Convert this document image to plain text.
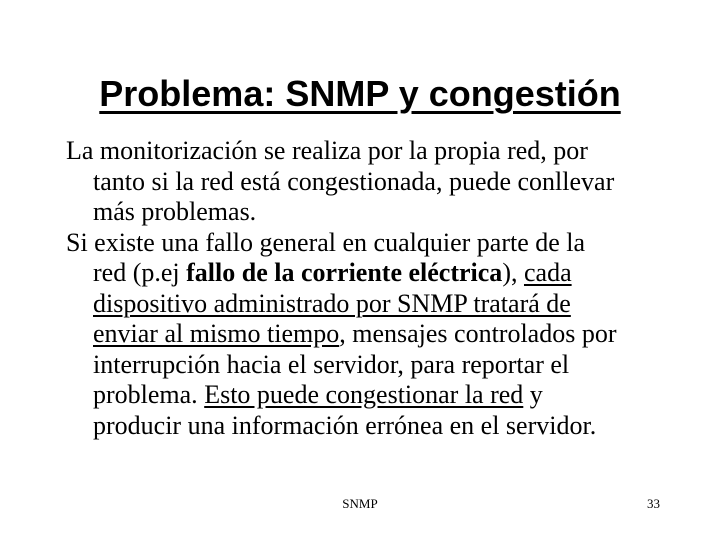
Problema: SNMP y congestión

La monitorización se realiza por la propia red, por
tanto si la red está congestionada, puede conllevar
más problemas.

Si existe una fallo general en cualquier parte de la
red (p.ej fallo de la corriente eléctrica), cada
dispositivo administrado por SNMP tratará de
enviar al mismo tiempo, mensajes controlados por
interrupción hacia el servidor, para reportar el
problema. Esto puede congestionar la red y
producir una información errónea en el servidor.

SNMP	33
